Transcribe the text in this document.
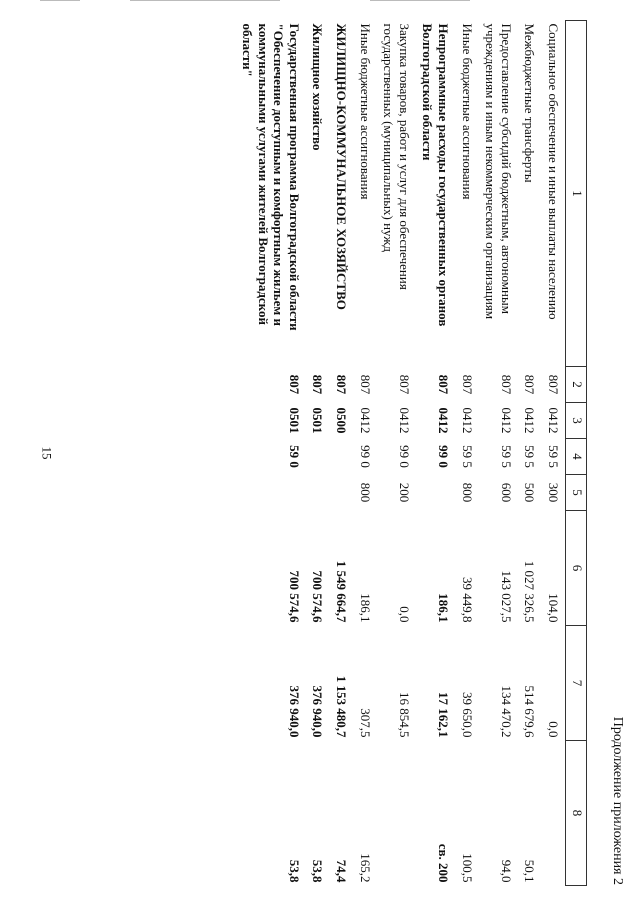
15
Продолжение приложения 2
1	2	3	4	5	6	7	8
Социальное обеспечение и иные выплаты населению	807	0412	59 5	300	104,0	0,0	
Межбюджетные трансферты	807	0412	59 5	500	1 027 326,5	514 679,6	50,1
Предоставление субсидий бюджетным, автономным учреждениям и иным некоммерческим организациям	807	0412	59 5	600	143 027,5	134 470,2	94,0
Иные бюджетные ассигнования	807	0412	59 5	800	39 449,8	39 650,0	100,5
Непрограммные расходы государственных органов Волгоградской области	807	0412	99 0		186,1	17 162,1	св. 200
Закупка товаров, работ и услуг для обеспечения государственных (муниципальных) нужд	807	0412	99 0	200	0,0	16 854,5	
Иные бюджетные ассигнования	807	0412	99 0	800	186,1	307,5	165,2
ЖИЛИЩНО-КОММУНАЛЬНОЕ ХОЗЯЙСТВО	807	0500			1 549 664,7	1 153 480,7	74,4
Жилищное хозяйство	807	0501			700 574,6	376 940,0	53,8
Государственная программа Волгоградской области "Обеспечение доступным и комфортным жильем и коммунальными услугами жителей Волгоградской области"	807	0501	59 0		700 574,6	376 940,0	53,8
